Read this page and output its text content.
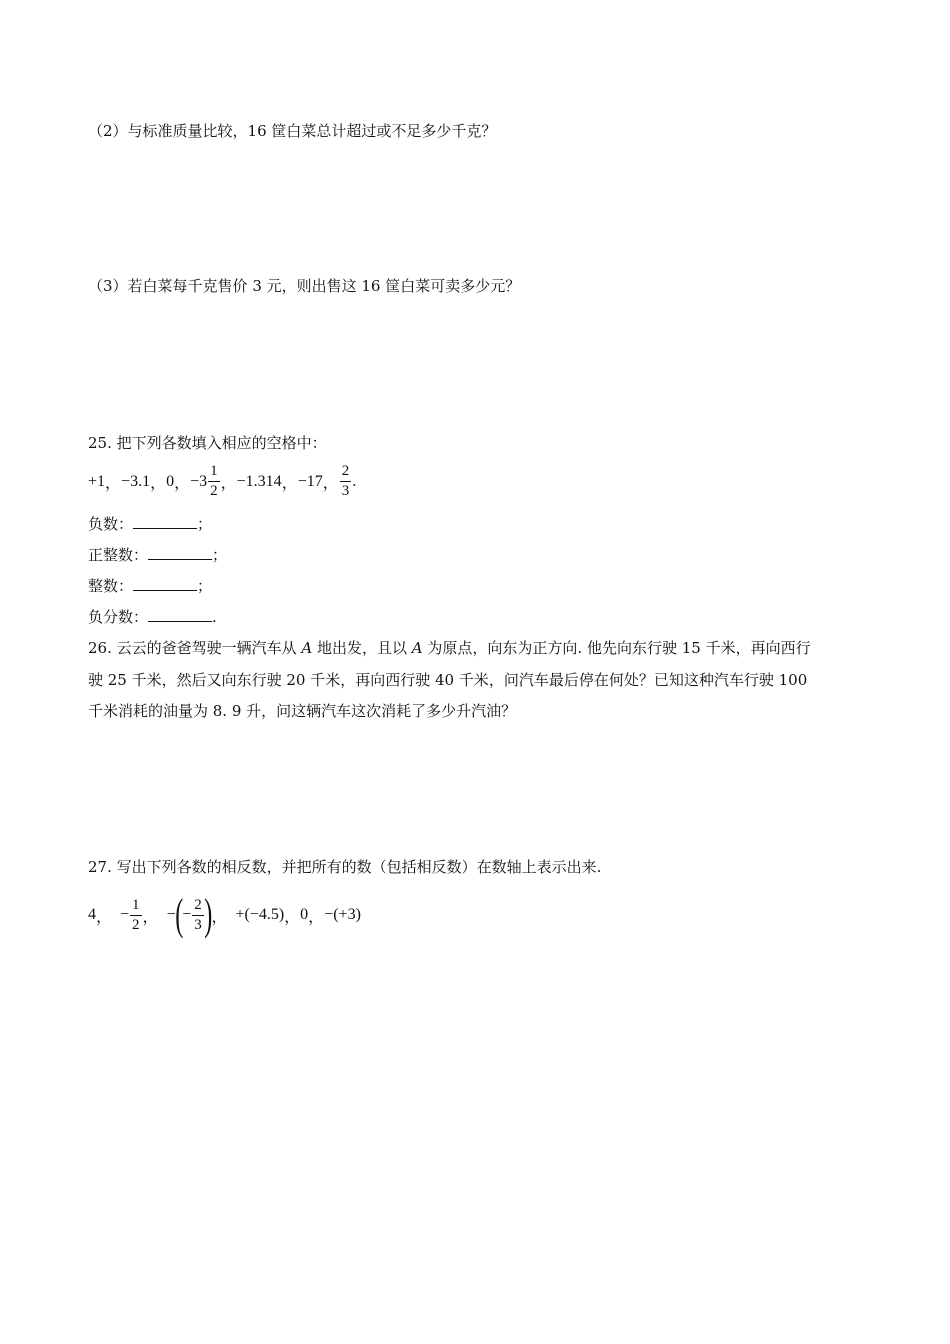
（2）与标准质量比较，16 筐白菜总计超过或不足多少千克？
（3）若白菜每千克售价 3 元，则出售这 16 筐白菜可卖多少元？
25. 把下列各数填入相应的空格中：
+1 ， −3.1 ， 0 ， $-3 \frac{1}{2}$ ， −1.314 ， −17 ， $\frac{2}{3}$ .
负数：	；
正整数：	；
整数：	；
负分数：	.
26. 云云的爸爸驾驶一辆汽车从 A 地出发，且以 A 为原点，向东为正方向. 他先向东行驶 15 千米，再向西行
驶 25 千米，然后又向东行驶 20 千米，再向西行驶 40 千米，问汽车最后停在何处？已知这种汽车行驶 100
千米消耗的油量为 8. 9 升，问这辆汽车这次消耗了多少升汽油？
27. 写出下列各数的相反数，并把所有的数（包括相反数）在数轴上表示出来.
4 ， − $\frac{1}{2}$ ， − ( − $\frac{2}{3}$ ) ， +(−4.5) ， 0 ， −(+3)
